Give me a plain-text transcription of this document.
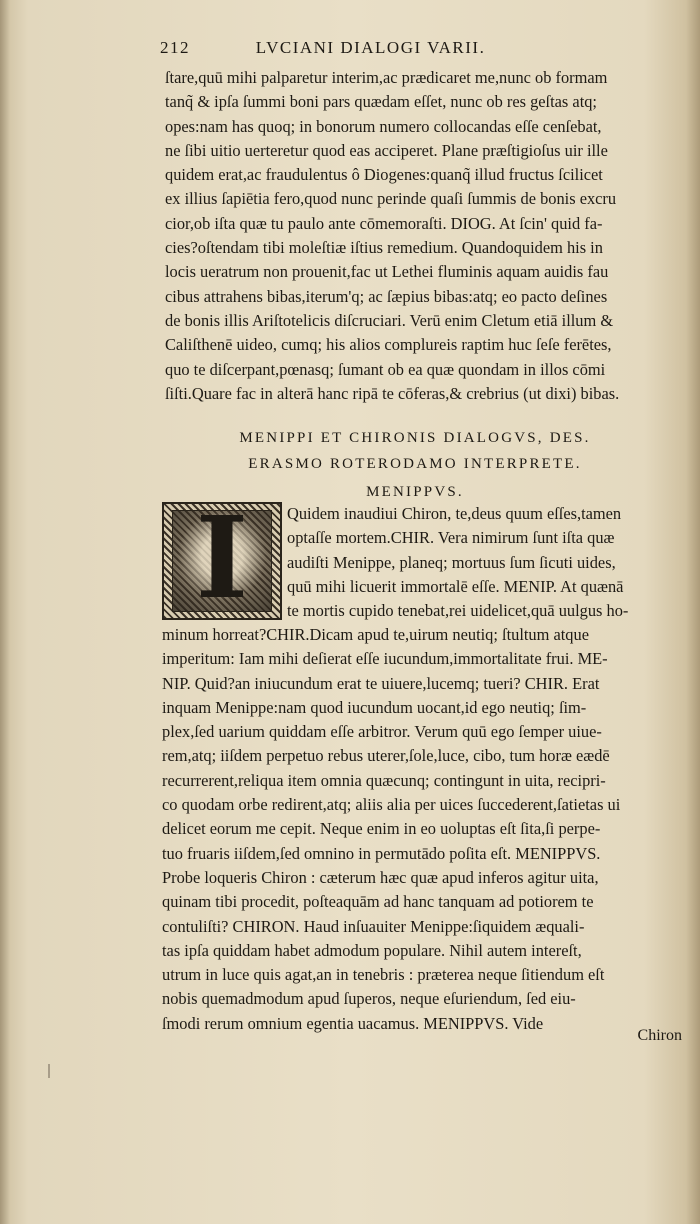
212	LVCIANI DIALOGI VARII.
ſtare,quū mihi palparetur interim,ac prædicaret me,nunc ob formam
tanq̃ & ipſa ſummi boni pars quædam eſſet, nunc ob res geſtas atq;
opes:nam has quoq; in bonorum numero collocandas eſſe cenſebat,
ne ſibi uitio uerteretur quod eas acciperet. Plane præſtigioſus uir ille
quidem erat,ac fraudulentus ô Diogenes:quanq̃ illud fructus ſcilicet
ex illius ſapiētia fero,quod nunc perinde quaſi ſummis de bonis excru
cior,ob iſta quæ tu paulo ante cōmemoraſti. DIOG. At ſcin' quid fa-
cies?oſtendam tibi moleſtiæ iſtius remedium. Quandoquidem his in
locis ueratrum non prouenit,fac ut Lethei fluminis aquam auidis fau
cibus attrahens bibas,iterum'q; ac ſæpius bibas:atq; eo pacto deſines
de bonis illis Ariſtotelicis diſcruciari. Verū enim Cletum etiā illum &
Caliſthenē uideo, cumq; his alios complureis raptim huc ſeſe ferētes,
quo te diſcerpant,pœnasq; ſumant ob ea quæ quondam in illos cōmi
ſiſti.Quare fac in alterā hanc ripā te cōferas,& crebrius (ut dixi) bibas.
MENIPPI ET CHIRONIS DIALOGVS, DES.
ERASMO ROTERODAMO INTERPRETE.
MENIPPVS.
I	Quidem inaudiui Chiron, te,deus quum eſſes,tamen
optaſſe mortem.CHIR. Vera nimirum ſunt iſta quæ
audiſti Menippe, planeq; mortuus ſum ſicuti uides,
quū mihi licuerit immortalē eſſe. MENIP. At quænā
te mortis cupido tenebat,rei uidelicet,quā uulgus ho-
minum horreat?CHIR.Dicam apud te,uirum neutiq; ſtultum atque
imperitum: Iam mihi deſierat eſſe iucundum,immortalitate frui. ME-
NIP. Quid?an iniucundum erat te uiuere,lucemq; tueri? CHIR. Erat
inquam Menippe:nam quod iucundum uocant,id ego neutiq; ſim-
plex,ſed uarium quiddam eſſe arbitror. Verum quū ego ſemper uiue-
rem,atq; iiſdem perpetuo rebus uterer,ſole,luce, cibo, tum horæ eædē
recurrerent,reliqua item omnia quæcunq; contingunt in uita, recipri-
co quodam orbe redirent,atq; aliis alia per uices ſuccederent,ſatietas ui
delicet eorum me cepit. Neque enim in eo uoluptas eſt ſita,ſi perpe-
tuo fruaris iiſdem,ſed omnino in permutādo poſita eſt. MENIPPVS.
Probe loqueris Chiron : cæterum hæc quæ apud inferos agitur uita,
quinam tibi procedit, poſteaquām ad hanc tanquam ad potiorem te
contuliſti? CHIRON. Haud inſuauiter Menippe:ſiquidem æquali-
tas ipſa quiddam habet admodum populare. Nihil autem intereſt,
utrum in luce quis agat,an in tenebris : præterea neque ſitiendum eſt
nobis quemadmodum apud ſuperos, neque eſuriendum, ſed eiu-
ſmodi rerum omnium egentia uacamus. MENIPPVS. Vide
Chiron
